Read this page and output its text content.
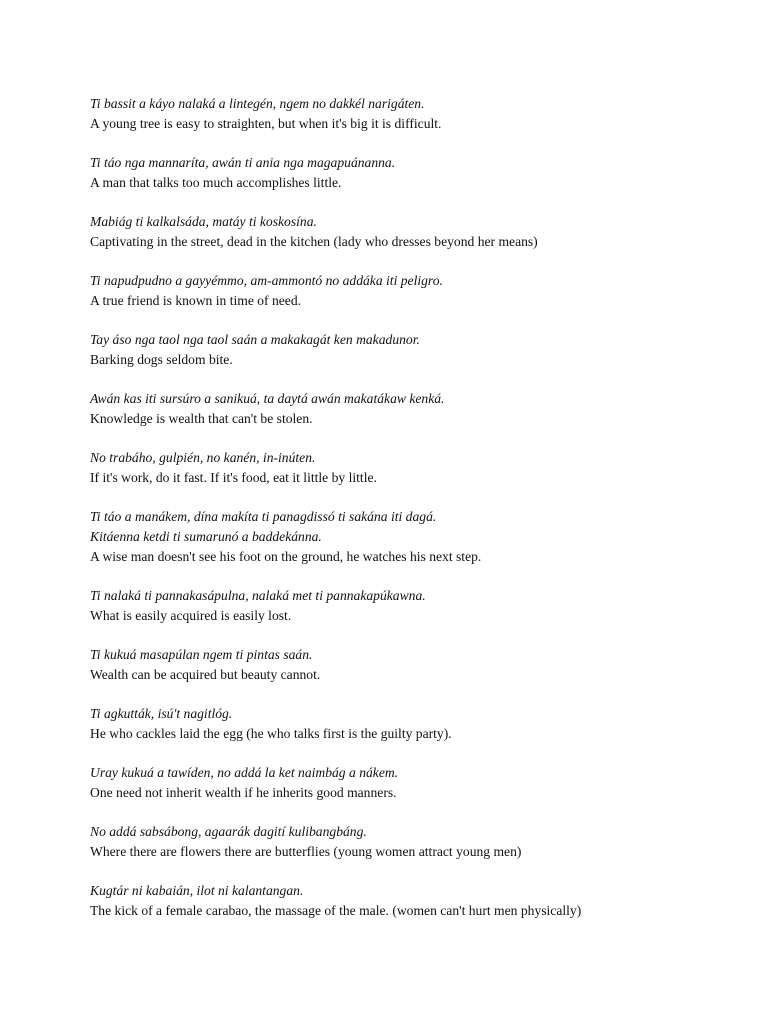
Ti bassit a káyo nalaká a lintegén, ngem no dakkél narigáten.
A young tree is easy to straighten, but when it's big it is difficult.
Ti táo nga mannaríta, awán ti ania nga magapuánanna.
A man that talks too much accomplishes little.
Mabiág ti kalkalsáda, matáy ti koskosína.
Captivating in the street, dead in the kitchen (lady who dresses beyond her means)
Ti napudpudno a gayyémmo, am-ammontó no addáka iti peligro.
A true friend is known in time of need.
Tay áso nga taol nga taol saán a makakagát ken makadunor.
Barking dogs seldom bite.
Awán kas iti sursúro a sanikuá, ta daytá awán makatákaw kenká.
Knowledge is wealth that can't be stolen.
No trabáho, gulpién, no kanén, in-inúten.
If it's work, do it fast. If it's food, eat it little by little.
Ti táo a manákem, dína makíta ti panagdissó ti sakána iti dagá.
Kitáenna ketdi ti sumarunó a baddekánna.
A wise man doesn't see his foot on the ground, he watches his next step.
Ti nalaká ti pannakasápulna, nalaká met ti pannakapúkawna.
What is easily acquired is easily lost.
Ti kukuá masapúlan ngem ti pintas saán.
Wealth can be acquired but beauty cannot.
Ti agkutták, isú't nagitlóg.
He who cackles laid the egg (he who talks first is the guilty party).
Uray kukuá a tawíden, no addá la ket naimbág a nákem.
One need not inherit wealth if he inherits good manners.
No addá sabsábong, agaarák dagití kulibangbáng.
Where there are flowers there are butterflies (young women attract young men)
Kugtár ni kabaián, ilot ni kalantangan.
The kick of a female carabao, the massage of the male. (women can't hurt men physically)
